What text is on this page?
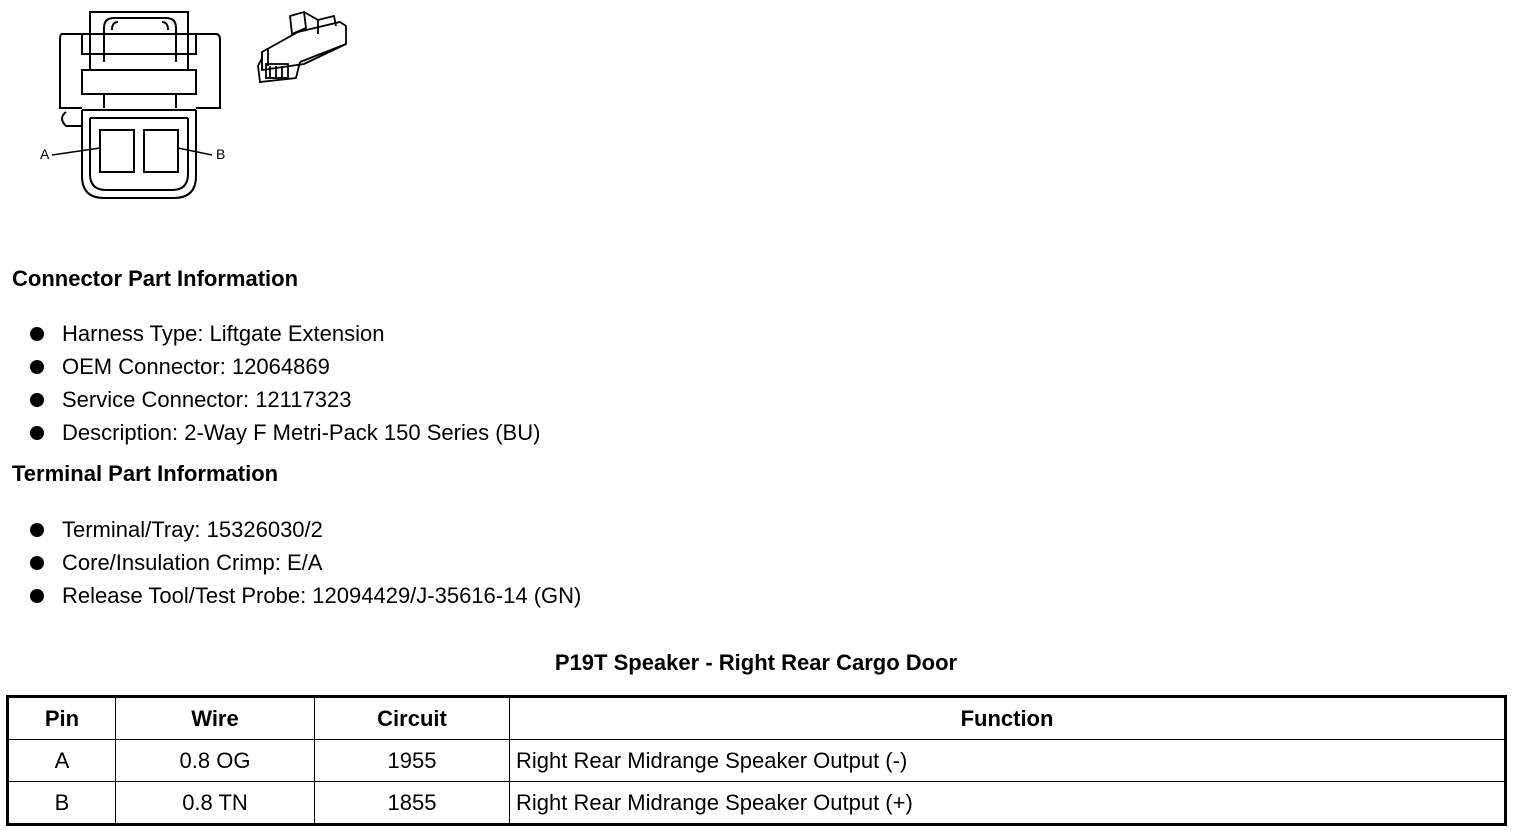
A	B
Connector Part Information
Harness Type: Liftgate Extension
OEM Connector: 12064869
Service Connector: 12117323
Description: 2-Way F Metri-Pack 150 Series (BU)
Terminal Part Information
Terminal/Tray: 15326030/2
Core/Insulation Crimp: E/A
Release Tool/Test Probe: 12094429/J-35616-14 (GN)
P19T Speaker - Right Rear Cargo Door
Pin	Wire	Circuit	Function
A	0.8 OG	1955	Right Rear Midrange Speaker Output (-)
B	0.8 TN	1855	Right Rear Midrange Speaker Output (+)
